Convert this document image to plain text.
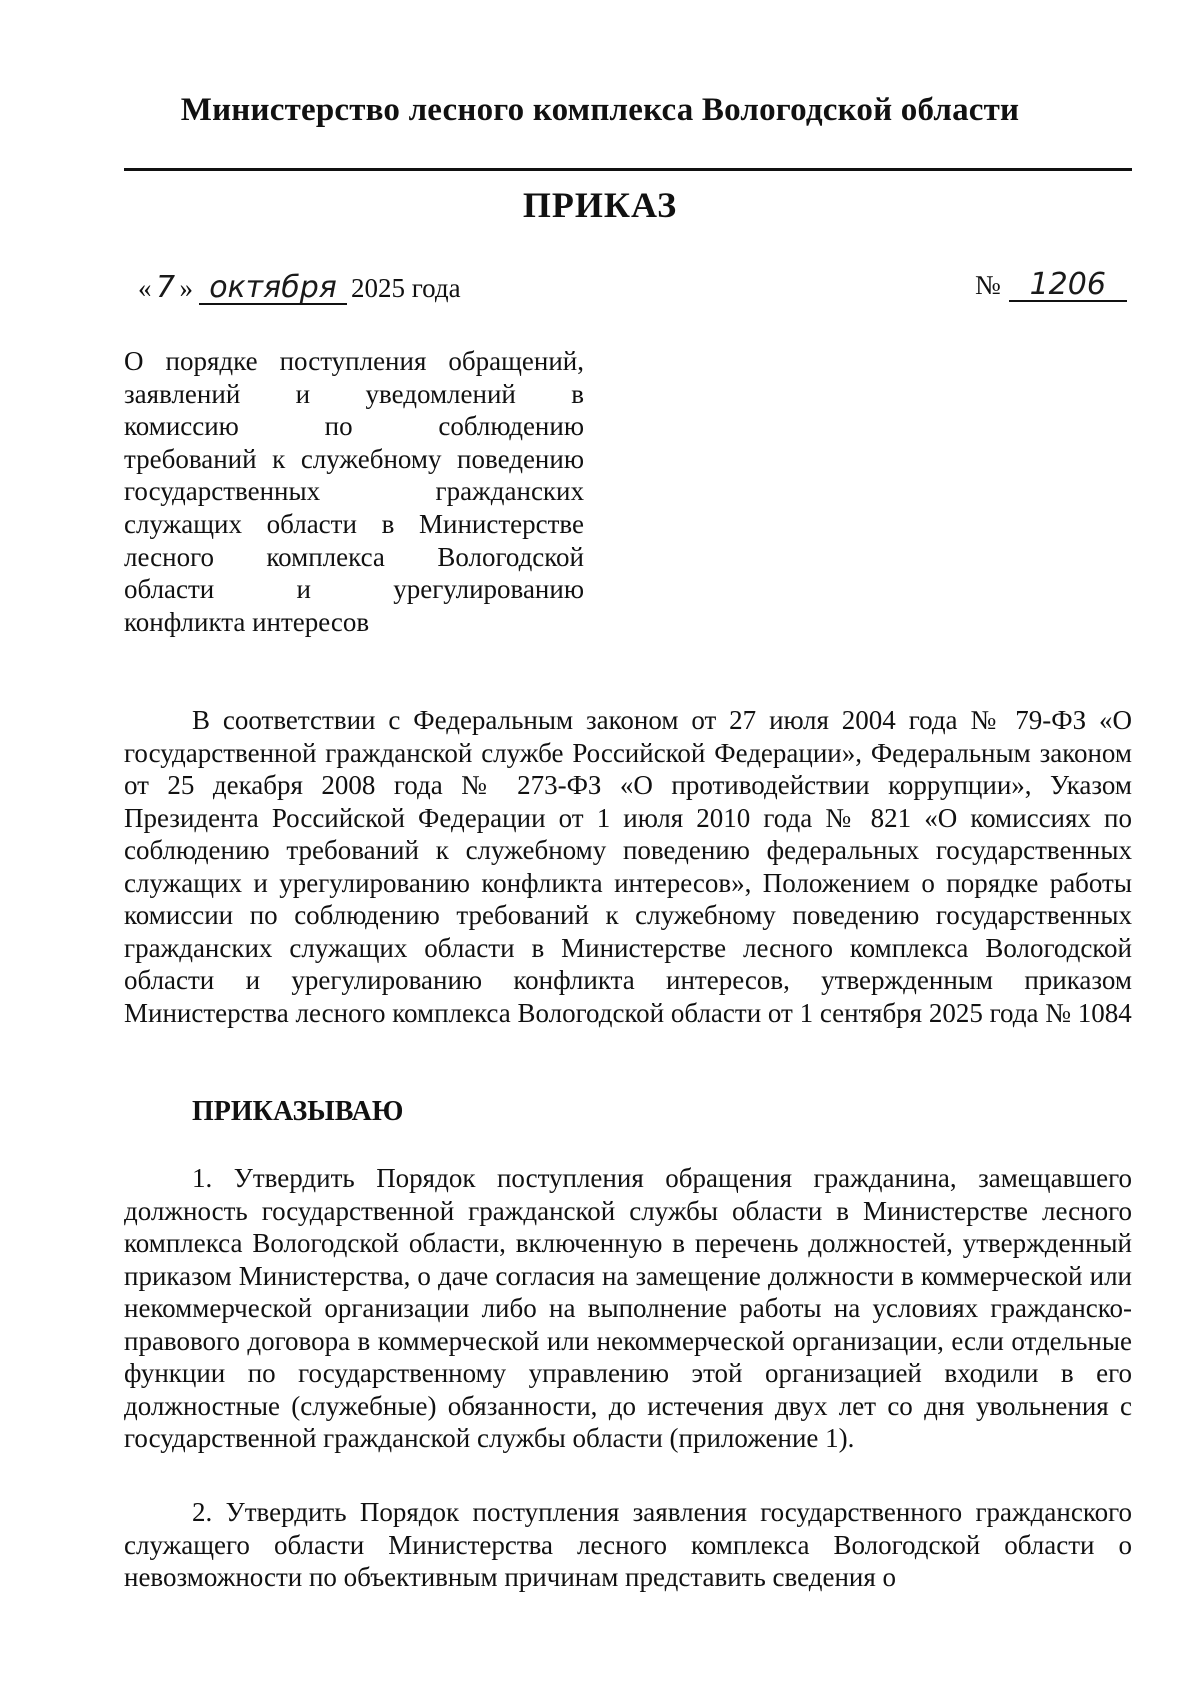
Министерство лесного комплекса Вологодской области
ПРИКАЗ
« 7 » октября 2025 года	№ 1206
О порядке поступления обращений,
заявлений и уведомлений в
комиссию по соблюдению
требований к служебному поведению
государственных гражданских
служащих области в Министерстве
лесного комплекса Вологодской
области и урегулированию
конфликта интересов
В соответствии с Федеральным законом от 27 июля 2004 года № 79-ФЗ «О государственной гражданской службе Российской Федерации», Федеральным законом от 25 декабря 2008 года № 273-ФЗ «О противодействии коррупции», Указом Президента Российской Федерации от 1 июля 2010 года № 821 «О комиссиях по соблюдению требований к служебному поведению федеральных государственных служащих и урегулированию конфликта интересов», Положением о порядке работы комиссии по соблюдению требований к служебному поведению государственных гражданских служащих области в Министерстве лесного комплекса Вологодской области и урегулированию конфликта интересов, утвержденным приказом Министерства лесного комплекса Вологодской области от 1 сентября 2025 года № 1084
ПРИКАЗЫВАЮ
1. Утвердить Порядок поступления обращения гражданина, замещавшего должность государственной гражданской службы области в Министерстве лесного комплекса Вологодской области, включенную в перечень должностей, утвержденный приказом Министерства, о даче согласия на замещение должности в коммерческой или некоммерческой организации либо на выполнение работы на условиях гражданско-правового договора в коммерческой или некоммерческой организации, если отдельные функции по государственному управлению этой организацией входили в его должностные (служебные) обязанности, до истечения двух лет со дня увольнения с государственной гражданской службы области (приложение 1).
2. Утвердить Порядок поступления заявления государственного гражданского служащего области Министерства лесного комплекса Вологодской области о невозможности по объективным причинам представить сведения о
